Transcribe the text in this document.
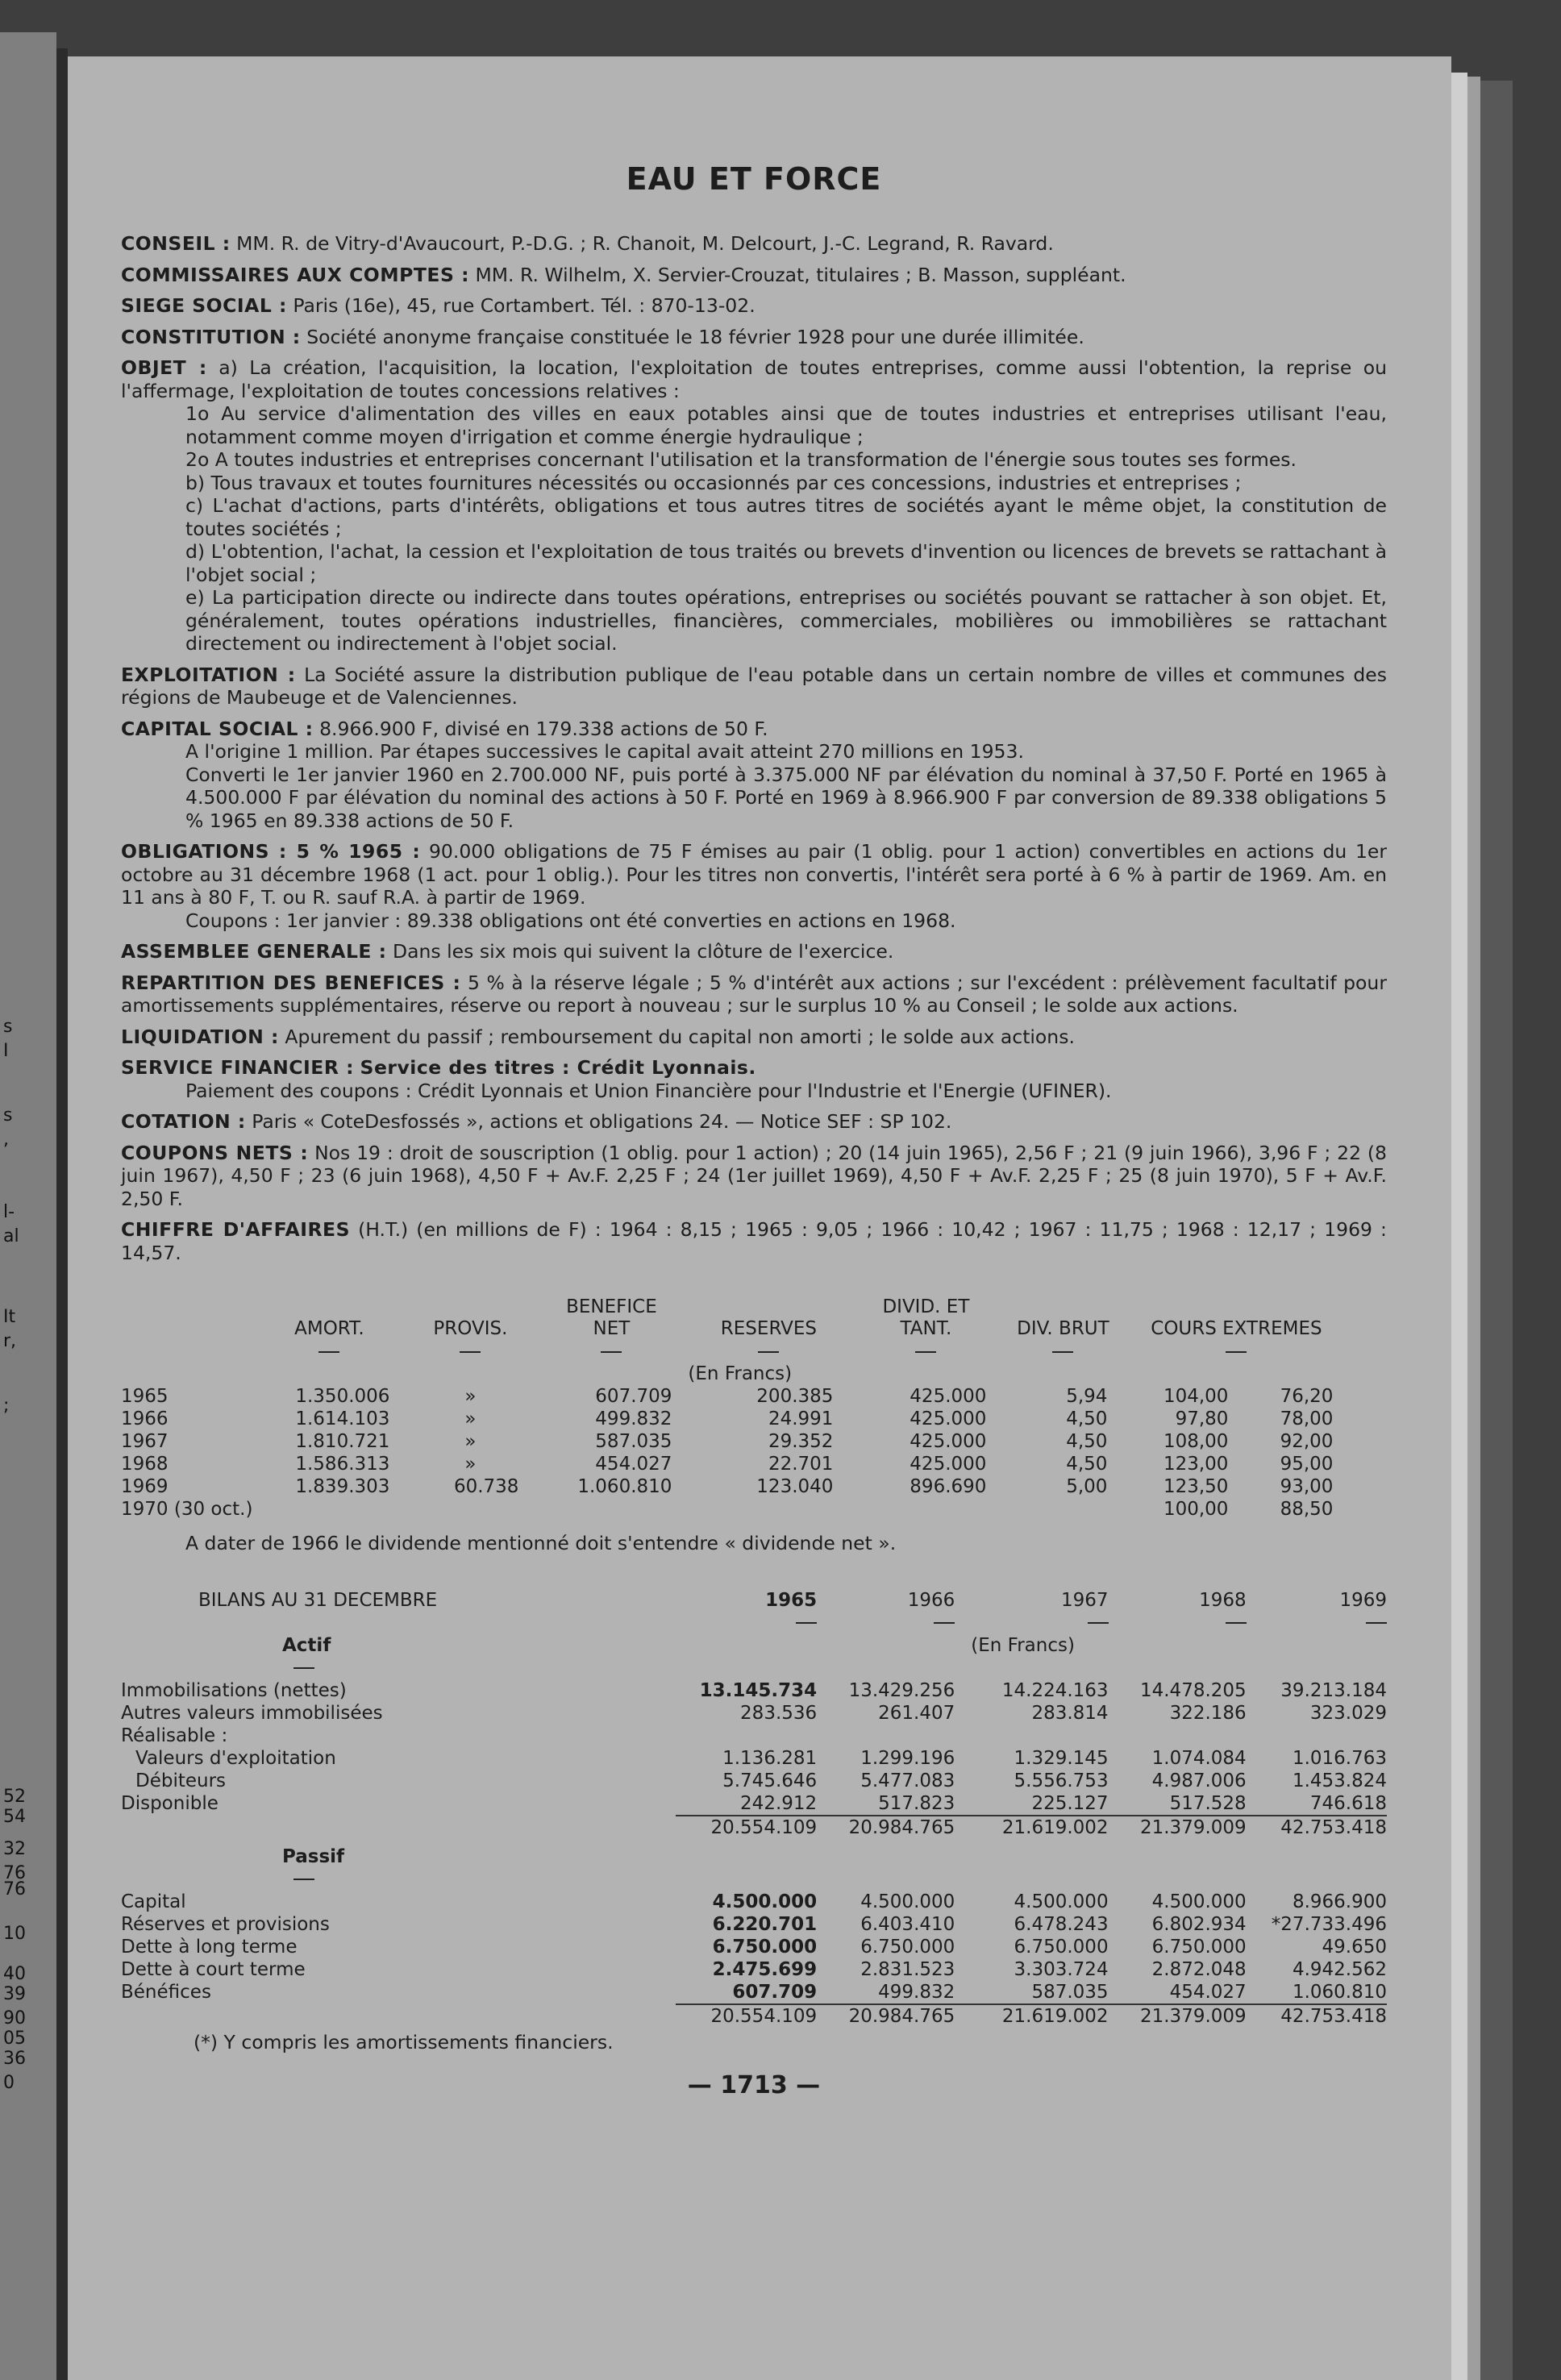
s
I
s
,
l-
al
It
r,
;
52
54
32
76
76
10
40
39
90
05
36
0
EAU ET FORCE

CONSEIL : MM. R. de Vitry-d'Avaucourt, P.-D.G. ; R. Chanoit, M. Delcourt, J.-C. Legrand, R. Ravard.

COMMISSAIRES AUX COMPTES : MM. R. Wilhelm, X. Servier-Crouzat, titulaires ; B. Masson, suppléant.

SIEGE SOCIAL : Paris (16e), 45, rue Cortambert. Tél. : 870-13-02.

CONSTITUTION : Société anonyme française constituée le 18 février 1928 pour une durée illimitée.

OBJET : a) La création, l'acquisition, la location, l'exploitation de toutes entreprises, comme aussi l'obtention, la reprise ou l'affermage, l'exploitation de toutes concessions relatives :

1o Au service d'alimentation des villes en eaux potables ainsi que de toutes industries et entreprises utilisant l'eau, notamment comme moyen d'irrigation et comme énergie hydraulique ;

2o A toutes industries et entreprises concernant l'utilisation et la transformation de l'énergie sous toutes ses formes.

b) Tous travaux et toutes fournitures nécessités ou occasionnés par ces concessions, industries et entreprises ;

c) L'achat d'actions, parts d'intérêts, obligations et tous autres titres de sociétés ayant le même objet, la constitution de toutes sociétés ;

d) L'obtention, l'achat, la cession et l'exploitation de tous traités ou brevets d'invention ou licences de brevets se rattachant à l'objet social ;

e) La participation directe ou indirecte dans toutes opérations, entreprises ou sociétés pouvant se rattacher à son objet. Et, généralement, toutes opérations industrielles, financières, commerciales, mobilières ou immobilières se rattachant directement ou indirectement à l'objet social.

EXPLOITATION : La Société assure la distribution publique de l'eau potable dans un certain nombre de villes et communes des régions de Maubeuge et de Valenciennes.

CAPITAL SOCIAL : 8.966.900 F, divisé en 179.338 actions de 50 F.

A l'origine 1 million. Par étapes successives le capital avait atteint 270 millions en 1953.

Converti le 1er janvier 1960 en 2.700.000 NF, puis porté à 3.375.000 NF par élévation du nominal à 37,50 F. Porté en 1965 à 4.500.000 F par élévation du nominal des actions à 50 F. Porté en 1969 à 8.966.900 F par conversion de 89.338 obligations 5 % 1965 en 89.338 actions de 50 F.

OBLIGATIONS : 5 % 1965 : 90.000 obligations de 75 F émises au pair (1 oblig. pour 1 action) convertibles en actions du 1er octobre au 31 décembre 1968 (1 act. pour 1 oblig.). Pour les titres non convertis, l'intérêt sera porté à 6 % à partir de 1969. Am. en 11 ans à 80 F, T. ou R. sauf R.A. à partir de 1969.

Coupons : 1er janvier : 89.338 obligations ont été converties en actions en 1968.

ASSEMBLEE GENERALE : Dans les six mois qui suivent la clôture de l'exercice.

REPARTITION DES BENEFICES : 5 % à la réserve légale ; 5 % d'intérêt aux actions ; sur l'excédent : prélèvement facultatif pour amortissements supplémentaires, réserve ou report à nouveau ; sur le surplus 10 % au Conseil ; le solde aux actions.

LIQUIDATION : Apurement du passif ; remboursement du capital non amorti ; le solde aux actions.

SERVICE FINANCIER : Service des titres : Crédit Lyonnais.

Paiement des coupons : Crédit Lyonnais et Union Financière pour l'Industrie et l'Energie (UFINER).

COTATION : Paris « CoteDesfossés », actions et obligations 24. — Notice SEF : SP 102.

COUPONS NETS : Nos 19 : droit de souscription (1 oblig. pour 1 action) ; 20 (14 juin 1965), 2,56 F ; 21 (9 juin 1966), 3,96 F ; 22 (8 juin 1967), 4,50 F ; 23 (6 juin 1968), 4,50 F + Av.F. 2,25 F ; 24 (1er juillet 1969), 4,50 F + Av.F. 2,25 F ; 25 (8 juin 1970), 5 F + Av.F. 2,50 F.

CHIFFRE D'AFFAIRES (H.T.) (en millions de F) : 1964 : 8,15 ; 1965 : 9,05 ; 1966 : 10,42 ; 1967 : 11,75 ; 1968 : 12,17 ; 1969 : 14,57.

	AMORT.	PROVIS.	BENEFICE NET	RESERVES	DIVID. ET TANT.	DIV. BRUT	COURS EXTREMES	

				(En Francs)				
1965	1.350.006	»	607.709	200.385	425.000	5,94	104,00	76,20
1966	1.614.103	»	499.832	24.991	425.000	4,50	97,80	78,00
1967	1.810.721	»	587.035	29.352	425.000	4,50	108,00	92,00
1968	1.586.313	»	454.027	22.701	425.000	4,50	123,00	95,00
1969	1.839.303	60.738	1.060.810	123.040	896.690	5,00	123,50	93,00
1970 (30 oct.)							100,00	88,50

A dater de 1966 le dividende mentionné doit s'entendre « dividende net ».

BILANS AU 31 DECEMBRE	1965	1966	1967	1968	1969

Actif			(En Francs)		

Immobilisations (nettes)	13.145.734	13.429.256	14.224.163	14.478.205	39.213.184
Autres valeurs immobilisées	283.536	261.407	283.814	322.186	323.029
Réalisable :					
Valeurs d'exploitation	1.136.281	1.299.196	1.329.145	1.074.084	1.016.763
Débiteurs	5.745.646	5.477.083	5.556.753	4.987.006	1.453.824
Disponible	242.912	517.823	225.127	517.528	746.618
	20.554.109	20.984.765	21.619.002	21.379.009	42.753.418
Passif					

Capital	4.500.000	4.500.000	4.500.000	4.500.000	8.966.900
Réserves et provisions	6.220.701	6.403.410	6.478.243	6.802.934	*27.733.496
Dette à long terme	6.750.000	6.750.000	6.750.000	6.750.000	49.650
Dette à court terme	2.475.699	2.831.523	3.303.724	2.872.048	4.942.562
Bénéfices	607.709	499.832	587.035	454.027	1.060.810
	20.554.109	20.984.765	21.619.002	21.379.009	42.753.418

(*) Y compris les amortissements financiers.

— 1713 —
